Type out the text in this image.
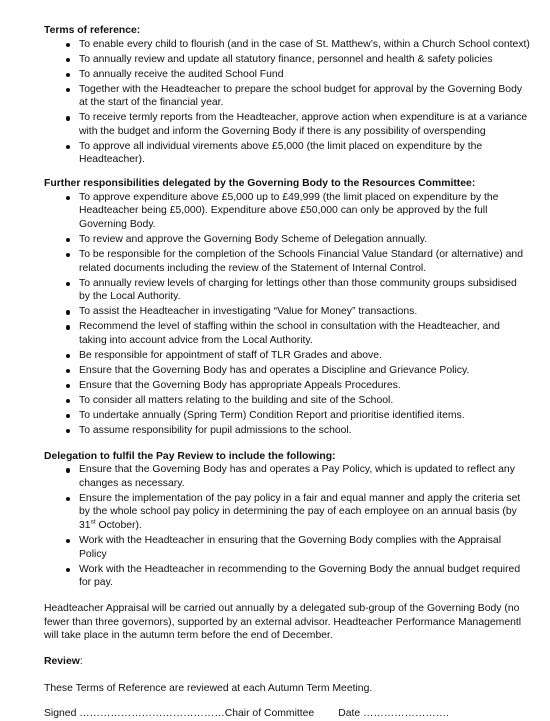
Terms of reference:

To enable every child to flourish (and in the case of St. Matthew’s, within a Church School context)
To annually review and update all statutory finance, personnel and health & safety policies
To annually receive the audited School Fund
Together with the Headteacher to prepare the school budget for approval by the Governing Body at the start of the financial year.
To receive termly reports from the Headteacher, approve action when expenditure is at a variance with the budget and inform the Governing Body if there is any possibility of overspending
To approve all individual virements above £5,000 (the limit placed on expenditure by the Headteacher).

Further responsibilities delegated by the Governing Body to the Resources Committee:

To approve expenditure above £5,000 up to £49,999 (the limit placed on expenditure by the Headteacher being £5,000). Expenditure above £50,000 can only be approved by the full Governing Body.
To review and approve the Governing Body Scheme of Delegation annually.
To be responsible for the completion of the Schools Financial Value Standard (or alternative) and related documents including the review of the Statement of Internal Control.
To annually review levels of charging for lettings other than those community groups subsidised by the Local Authority.
To assist the Headteacher in investigating “Value for Money” transactions.
Recommend the level of staffing within the school in consultation with the Headteacher, and taking into account advice from the Local Authority.
Be responsible for appointment of staff of TLR Grades and above.
Ensure that the Governing Body has and operates a Discipline and Grievance Policy.
Ensure that the Governing Body has appropriate Appeals Procedures.
To consider all matters relating to the building and site of the School.
To undertake annually (Spring Term) Condition Report and prioritise identified items.
To assume responsibility for pupil admissions to the school.

Delegation to fulfil the Pay Review to include the following:

Ensure that the Governing Body has and operates a Pay Policy, which is updated to reflect any changes as necessary.
Ensure the implementation of the pay policy in a fair and equal manner and apply the criteria set by the whole school pay policy in determining the pay of each employee on an annual basis (by 31st October).
Work with the Headteacher in ensuring that the Governing Body complies with the Appraisal Policy
Work with the Headteacher in recommending to the Governing Body the annual budget required for pay.

Headteacher Appraisal will be carried out annually by a delegated sub-group of the Governing Body (no fewer than three governors), supported by an external advisor. Headteacher Performance Managementl will take place in the autumn term before the end of December.

Review:

These Terms of Reference are reviewed at each Autumn Term Meeting.

Signed ……………………………………Chair of Committee Date …………………….
